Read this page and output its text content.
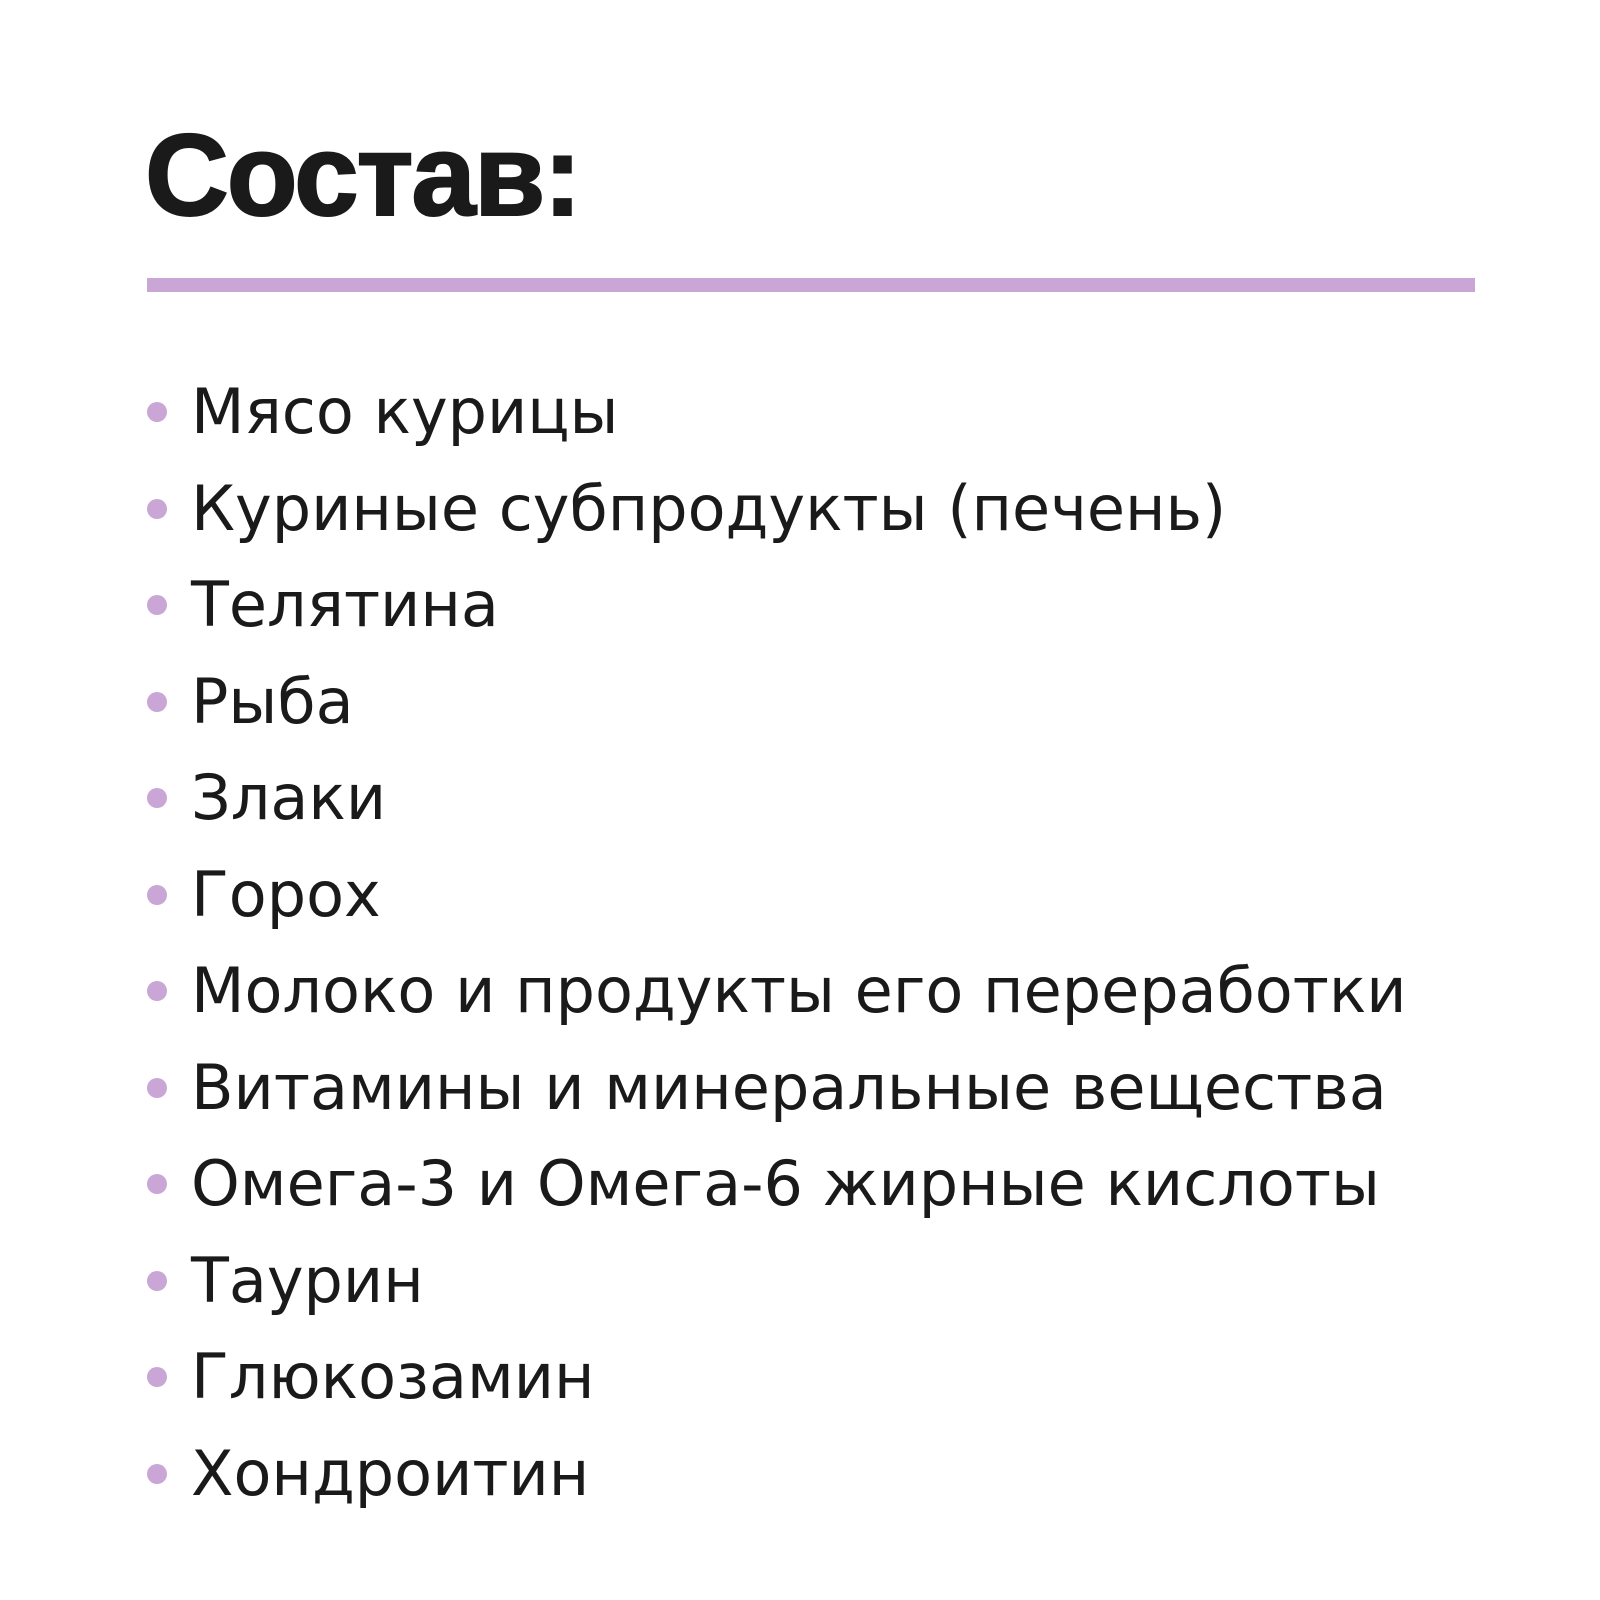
Состав:
Мясо курицы
Куриные субпродукты (печень)
Телятина
Рыба
Злаки
Горох
Молоко и продукты его переработки
Витамины и минеральные вещества
Омега-3 и Омега-6 жирные кислоты
Таурин
Глюкозамин
Хондроитин
